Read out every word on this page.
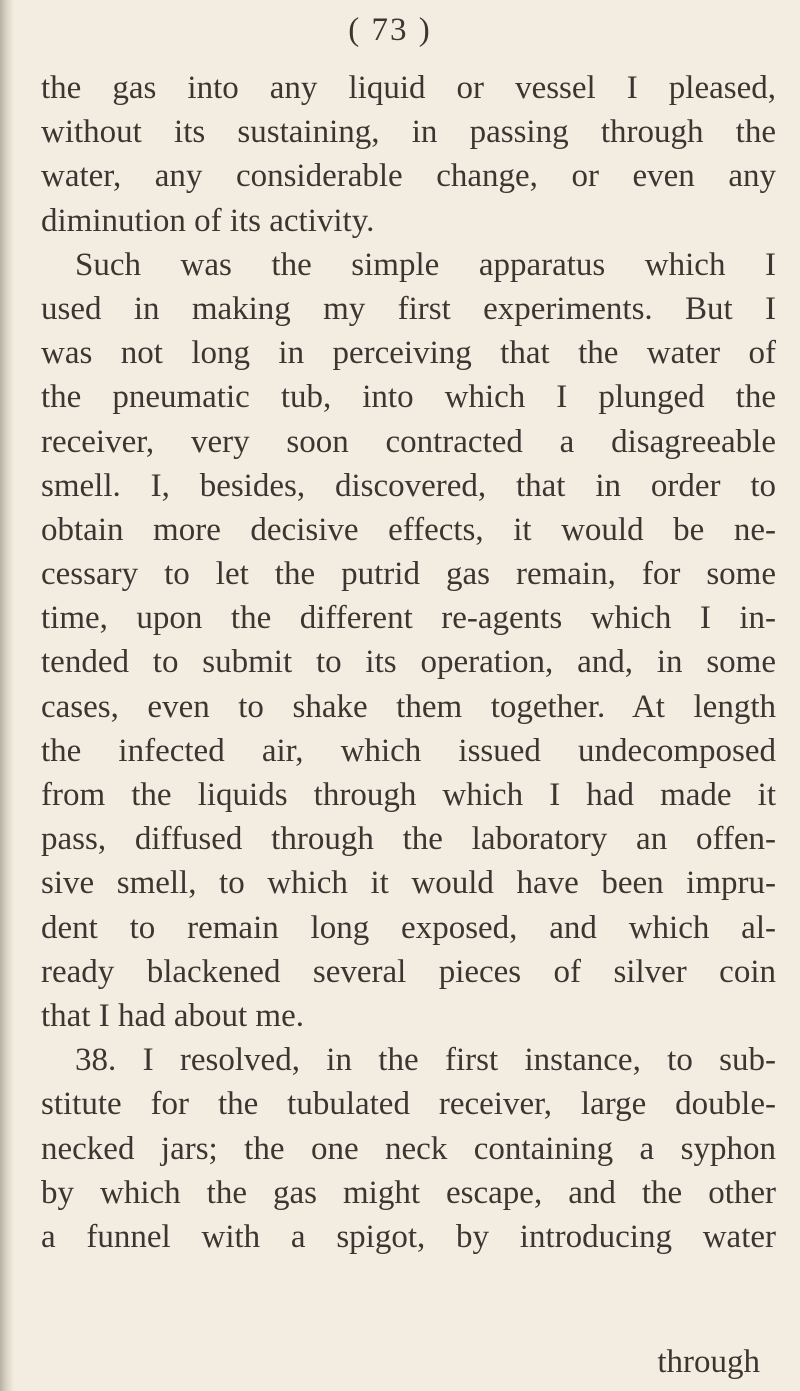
( 73 )
the gas into any liquid or vessel I pleased,
without its sustaining, in passing through the
water, any considerable change, or even any
diminution of its activity.
Such was the simple apparatus which I
used in making my first experiments. But I
was not long in perceiving that the water of
the pneumatic tub, into which I plunged the
receiver, very soon contracted a disagreeable
smell. I, besides, discovered, that in order to
obtain more decisive effects, it would be ne-
cessary to let the putrid gas remain, for some
time, upon the different re-agents which I in-
tended to submit to its operation, and, in some
cases, even to shake them together. At length
the infected air, which issued undecomposed
from the liquids through which I had made it
pass, diffused through the laboratory an offen-
sive smell, to which it would have been impru-
dent to remain long exposed, and which al-
ready blackened several pieces of silver coin
that I had about me.
38. I resolved, in the first instance, to sub-
stitute for the tubulated receiver, large double-
necked jars; the one neck containing a syphon
by which the gas might escape, and the other
a funnel with a spigot, by introducing water
through
